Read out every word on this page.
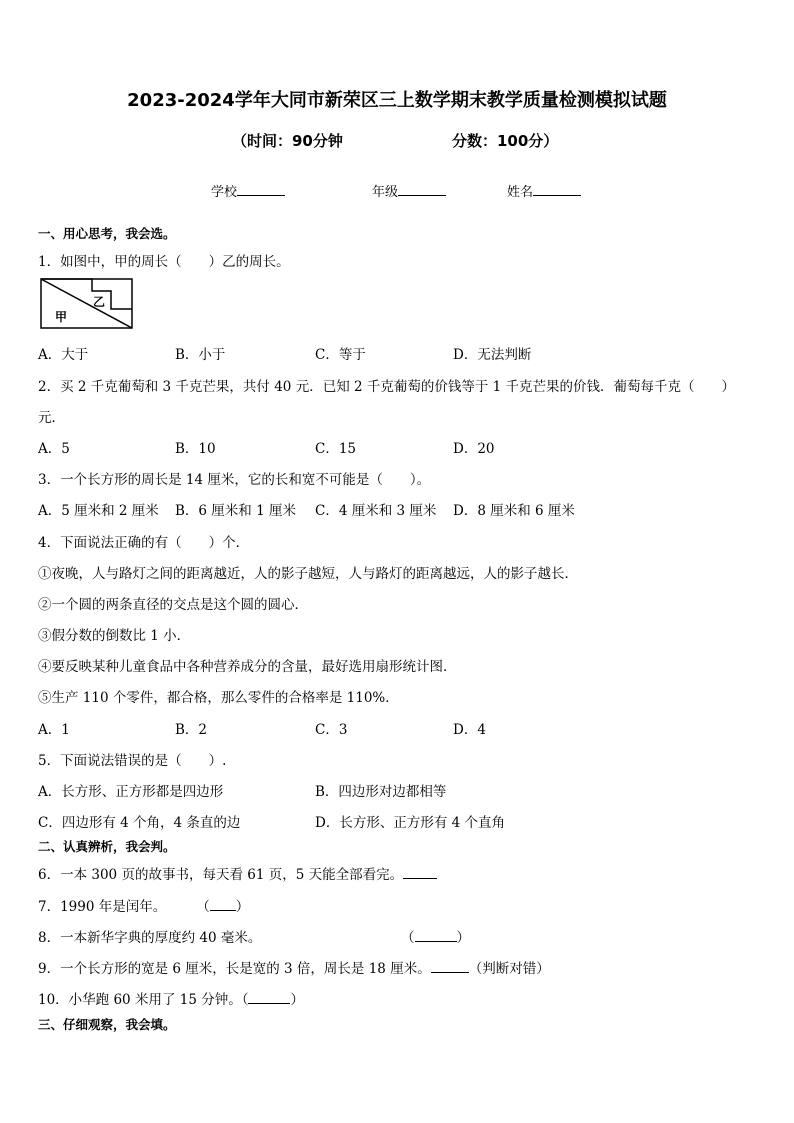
2023-2024学年大同市新荣区三上数学期末教学质量检测模拟试题
（时间：90分钟	分数：100分）
学校	年级	姓名
一、用心思考，我会选。
1．如图中，甲的周长（　　）乙的周长。
乙
甲
A．大于	B．小于	C．等于	D．无法判断
2．买 2 千克葡萄和 3 千克芒果，共付 40 元．已知 2 千克葡萄的价钱等于 1 千克芒果的价钱．葡萄每千克（　　）
元．
A．5	B．10	C．15	D．20
3．一个长方形的周长是 14 厘米，它的长和宽不可能是（　　）。
A．5 厘米和 2 厘米 B．6 厘米和 1 厘米 C．4 厘米和 3 厘米 D．8 厘米和 6 厘米
4．下面说法正确的有（　　）个．
①夜晚，人与路灯之间的距离越近，人的影子越短，人与路灯的距离越远，人的影子越长．
②一个圆的两条直径的交点是这个圆的圆心．
③假分数的倒数比 1 小．
④要反映某种儿童食品中各种营养成分的含量，最好选用扇形统计图．
⑤生产 110 个零件，都合格，那么零件的合格率是 110%．
A．1	B．2	C．3	D．4
5．下面说法错误的是（　　）.
A．长方形、正方形都是四边形	B．四边形对边都相等
C．四边形有 4 个角，4 条直的边	D．长方形、正方形有 4 个直角
二、认真辨析，我会判。
6．一本 300 页的故事书，每天看 61 页，5 天能全部看完。
7．1990 年是闰年。 （ ）
8．一本新华字典的厚度约 40 毫米。	（	）
9．一个长方形的宽是 6 厘米，长是宽的 3 倍，周长是 18 厘米。	（判断对错）
10．小华跑 60 米用了 15 分钟。（	）
三、仔细观察，我会填。
